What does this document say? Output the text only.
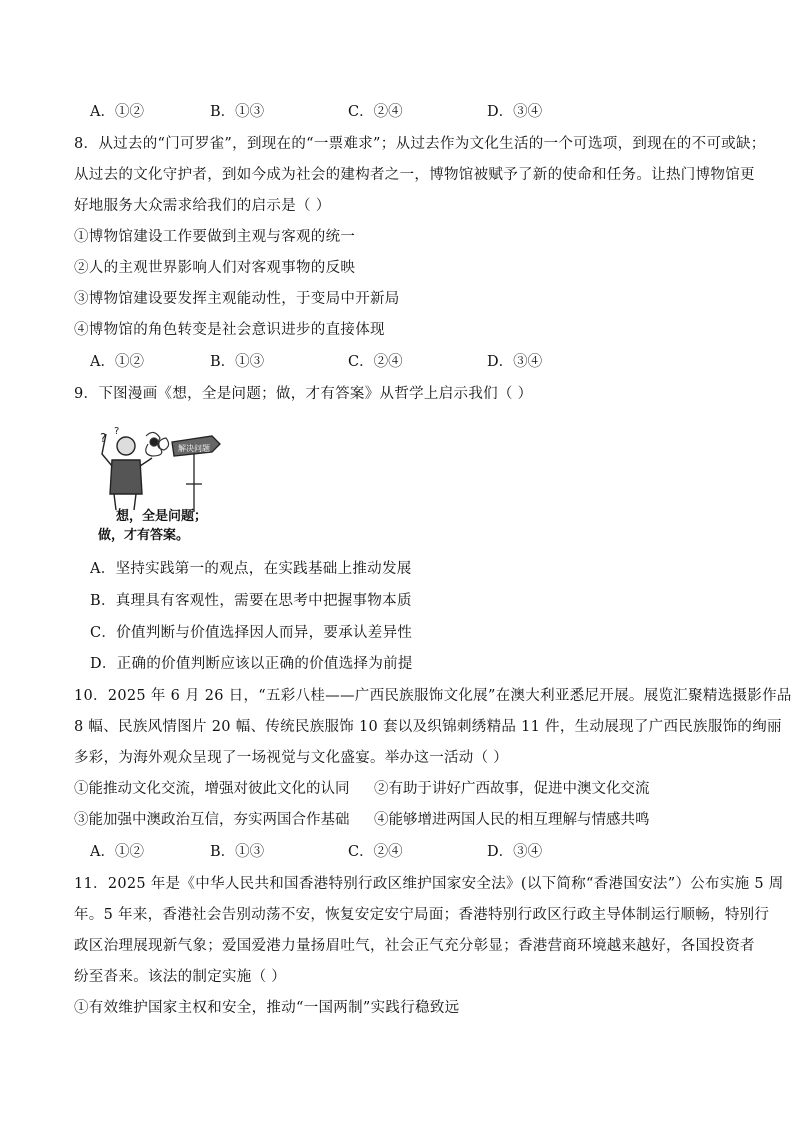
A．①②	B．①③	C．②④	D．③④
8．从过去的“门可罗雀”，到现在的“一票难求”；从过去作为文化生活的一个可选项，到现在的不可或缺；
从过去的文化守护者，到如今成为社会的建构者之一，博物馆被赋予了新的使命和任务。让热门博物馆更
好地服务大众需求给我们的启示是（ ）
①博物馆建设工作要做到主观与客观的统一
②人的主观世界影响人们对客观事物的反映
③博物馆建设要发挥主观能动性，于变局中开新局
④博物馆的角色转变是社会意识进步的直接体现
A．①②	B．①③	C．②④	D．③④
9．下图漫画《想，全是问题；做，才有答案》从哲学上启示我们（ ）
? ?
解决问题
想，全是问题；
做，才有答案。
A．坚持实践第一的观点，在实践基础上推动发展
B．真理具有客观性，需要在思考中把握事物本质
C．价值判断与价值选择因人而异，要承认差异性
D．正确的价值判断应该以正确的价值选择为前提
10．2025 年 6 月 26 日，“五彩八桂——广西民族服饰文化展”在澳大利亚悉尼开展。展览汇聚精选摄影作品
8 幅、民族风情图片 20 幅、传统民族服饰 10 套以及织锦刺绣精品 11 件，生动展现了广西民族服饰的绚丽
多彩，为海外观众呈现了一场视觉与文化盛宴。举办这一活动（ ）
①能推动文化交流，增强对彼此文化的认同 ②有助于讲好广西故事，促进中澳文化交流
③能加强中澳政治互信，夯实两国合作基础 ④能够增进两国人民的相互理解与情感共鸣
A．①②	B．①③	C．②④	D．③④
11．2025 年是《中华人民共和国香港特别行政区维护国家安全法》(以下简称“香港国安法”）公布实施 5 周
年。5 年来，香港社会告别动荡不安，恢复安定安宁局面；香港特别行政区行政主导体制运行顺畅，特别行
政区治理展现新气象；爱国爱港力量扬眉吐气，社会正气充分彰显；香港营商环境越来越好，各国投资者
纷至沓来。该法的制定实施（ ）
①有效维护国家主权和安全，推动“一国两制”实践行稳致远
